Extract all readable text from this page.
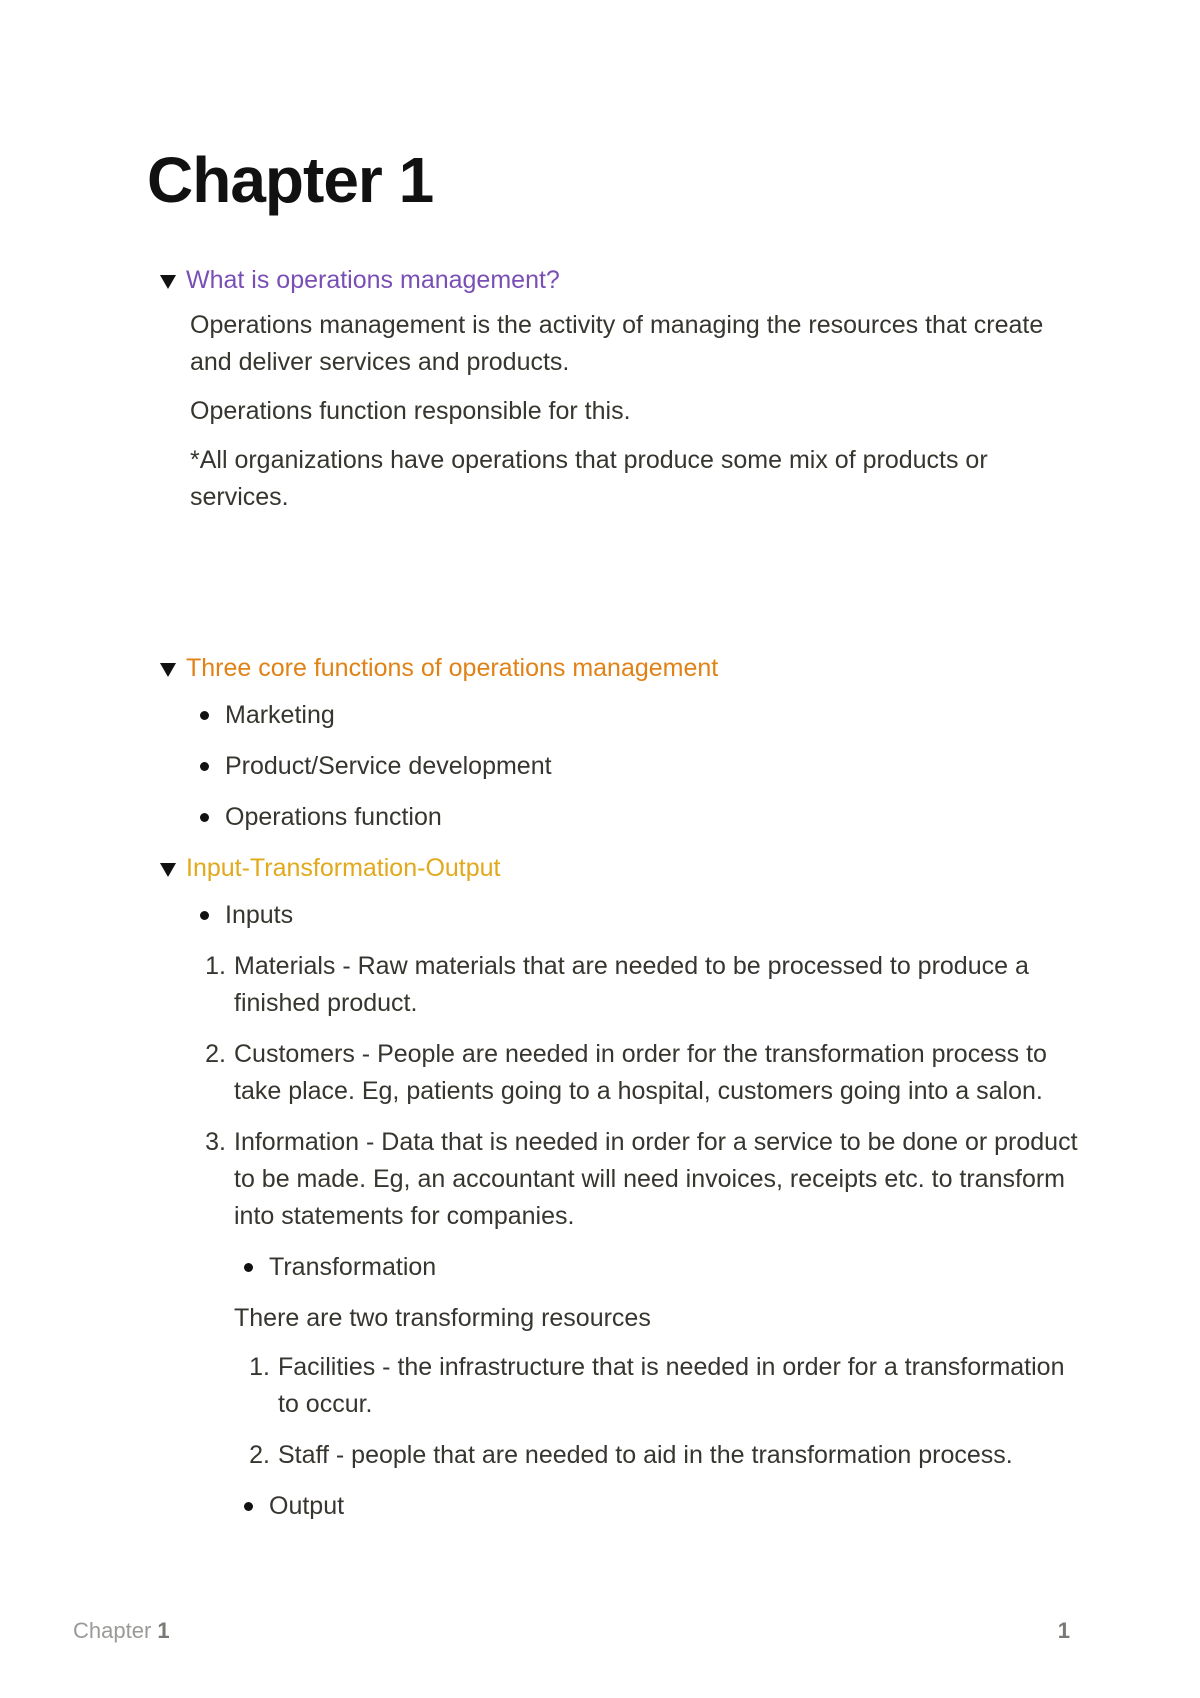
Chapter 1
What is operations management?

Operations management is the activity of managing the resources that create and deliver services and products.

Operations function responsible for this.

*All organizations have operations that produce some mix of products or services.

Three core functions of operations management
Marketing
Product/Service development
Operations function
Input-Transformation-Output
Inputs
1. Materials - Raw materials that are needed to be processed to produce a finished product.
2. Customers - People are needed in order for the transformation process to take place. Eg, patients going to a hospital, customers going into a salon.
3. Information - Data that is needed in order for a service to be done or product to be made. Eg, an accountant will need invoices, receipts etc. to transform into statements for companies.
Transformation

There are two transforming resources

1. Facilities - the infrastructure that is needed in order for a transformation to occur.
2. Staff - people that are needed to aid in the transformation process.
Output
Chapter 1	1
